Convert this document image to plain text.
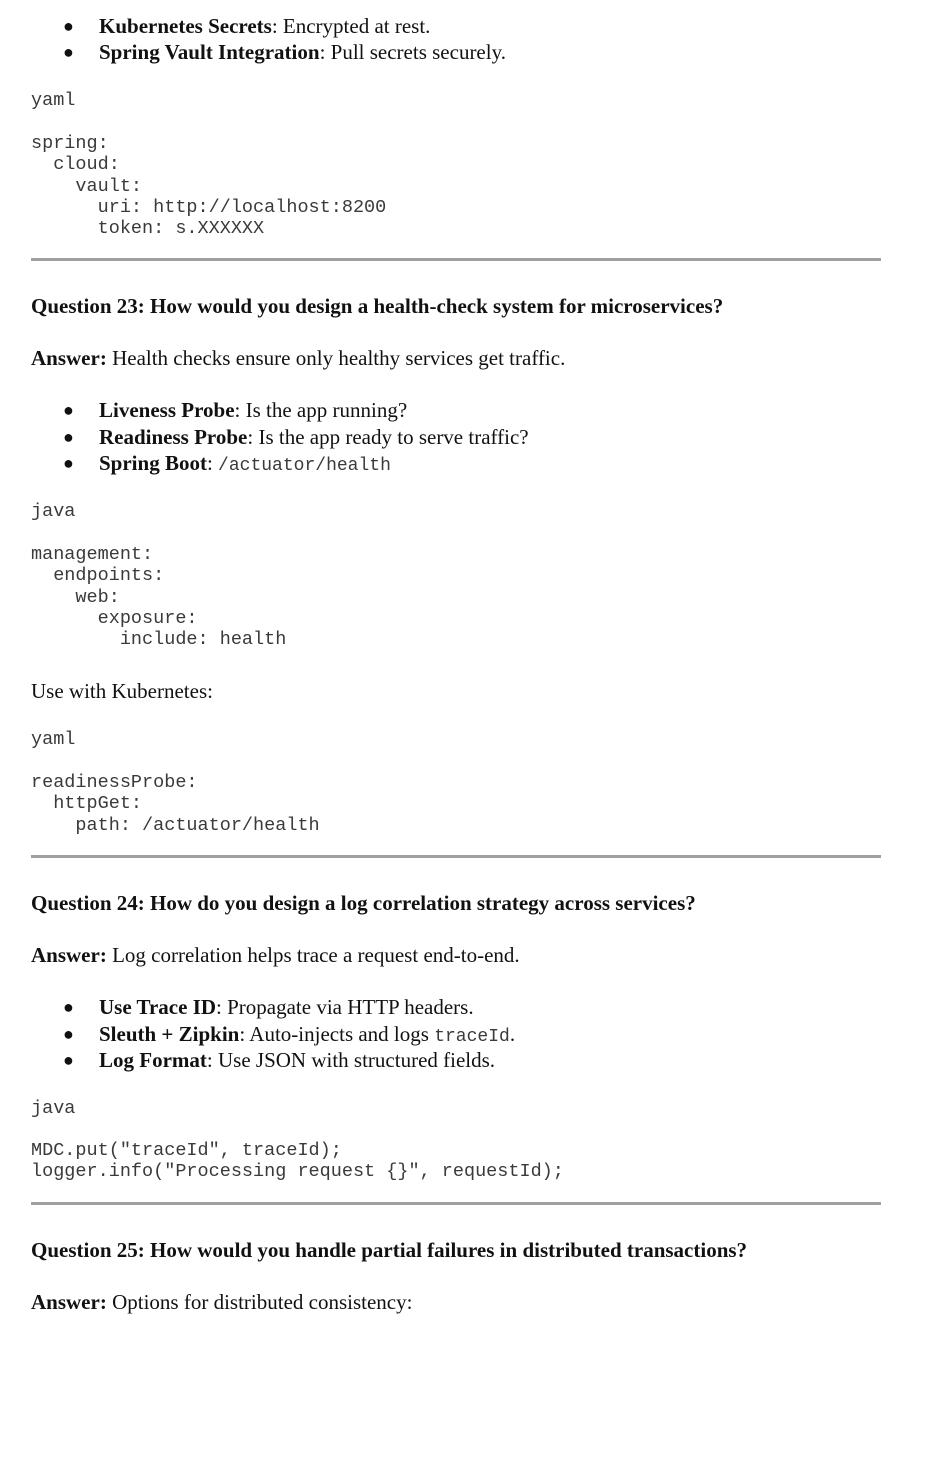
● Kubernetes Secrets: Encrypted at rest.
● Spring Vault Integration: Pull secrets securely.
yaml
spring:
cloud:
vault:
uri: http://localhost:8200
token: s.XXXXXX
Question 23: How would you design a health-check system for microservices?
Answer: Health checks ensure only healthy services get traffic.
● Liveness Probe: Is the app running?
● Readiness Probe: Is the app ready to serve traffic?
● Spring Boot: /actuator/health
java
management:
endpoints:
web:
exposure:
include: health
Use with Kubernetes:
yaml
readinessProbe:
httpGet:
path: /actuator/health
Question 24: How do you design a log correlation strategy across services?
Answer: Log correlation helps trace a request end-to-end.
● Use Trace ID: Propagate via HTTP headers.
● Sleuth + Zipkin: Auto-injects and logs traceId.
● Log Format: Use JSON with structured fields.
java
MDC.put("traceId", traceId);
logger.info("Processing request {}", requestId);
Question 25: How would you handle partial failures in distributed transactions?
Answer: Options for distributed consistency:
